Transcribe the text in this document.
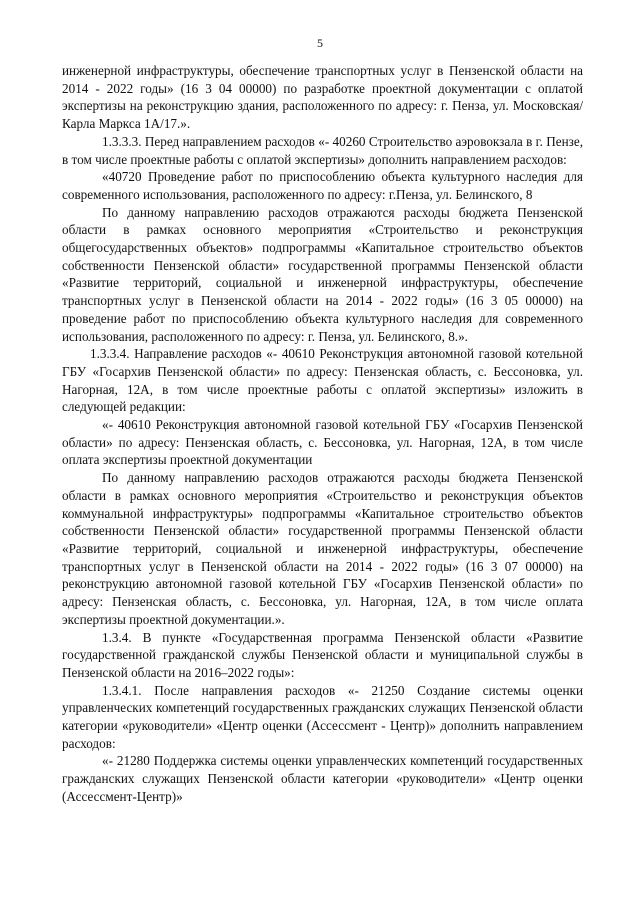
5

инженерной инфраструктуры, обеспечение транспортных услуг в Пензенской области на 2014 - 2022 годы» (16 3 04 00000) по разработке проектной документации с оплатой экспертизы на реконструкцию здания, расположенного по адресу: г. Пенза, ул. Московская/Карла Маркса 1А/17.».

1.3.3.3. Перед направлением расходов «- 40260 Строительство аэровокзала в г. Пензе, в том числе проектные работы с оплатой экспертизы» дополнить направлением расходов:

«40720 Проведение работ по приспособлению объекта культурного наследия для современного использования, расположенного по адресу: г.Пенза, ул. Белинского, 8

По данному направлению расходов отражаются расходы бюджета Пензенской области в рамках основного мероприятия «Строительство и реконструкция общегосударственных объектов» подпрограммы «Капитальное строительство объектов собственности Пензенской области» государственной программы Пензенской области «Развитие территорий, социальной и инженерной инфраструктуры, обеспечение транспортных услуг в Пензенской области на 2014 - 2022 годы» (16 3 05 00000) на проведение работ по приспособлению объекта культурного наследия для современного использования, расположенного по адресу: г. Пенза, ул. Белинского, 8.».

1.3.3.4. Направление расходов «- 40610 Реконструкция автономной газовой котельной ГБУ «Госархив Пензенской области» по адресу: Пензенская область, с. Бессоновка, ул. Нагорная, 12А, в том числе проектные работы с оплатой экспертизы» изложить в следующей редакции:

«- 40610 Реконструкция автономной газовой котельной ГБУ «Госархив Пензенской области» по адресу: Пензенская область, с. Бессоновка, ул. Нагорная, 12А, в том числе оплата экспертизы проектной документации

По данному направлению расходов отражаются расходы бюджета Пензенской области в рамках основного мероприятия «Строительство и реконструкция объектов коммунальной инфраструктуры» подпрограммы «Капитальное строительство объектов собственности Пензенской области» государственной программы Пензенской области «Развитие территорий, социальной и инженерной инфраструктуры, обеспечение транспортных услуг в Пензенской области на 2014 - 2022 годы» (16 3 07 00000) на реконструкцию автономной газовой котельной ГБУ «Госархив Пензенской области» по адресу: Пензенская область, с. Бессоновка, ул. Нагорная, 12А, в том числе оплата экспертизы проектной документации.».

1.3.4. В пункте «Государственная программа Пензенской области «Развитие государственной гражданской службы Пензенской области и муниципальной службы в Пензенской области на 2016–2022 годы»:

1.3.4.1. После направления расходов «- 21250 Создание системы оценки управленческих компетенций государственных гражданских служащих Пензенской области категории «руководители» «Центр оценки (Ассессмент - Центр)» дополнить направлением расходов:

«- 21280 Поддержка системы оценки управленческих компетенций государственных гражданских служащих Пензенской области категории «руководители» «Центр оценки (Ассессмент-Центр)»
